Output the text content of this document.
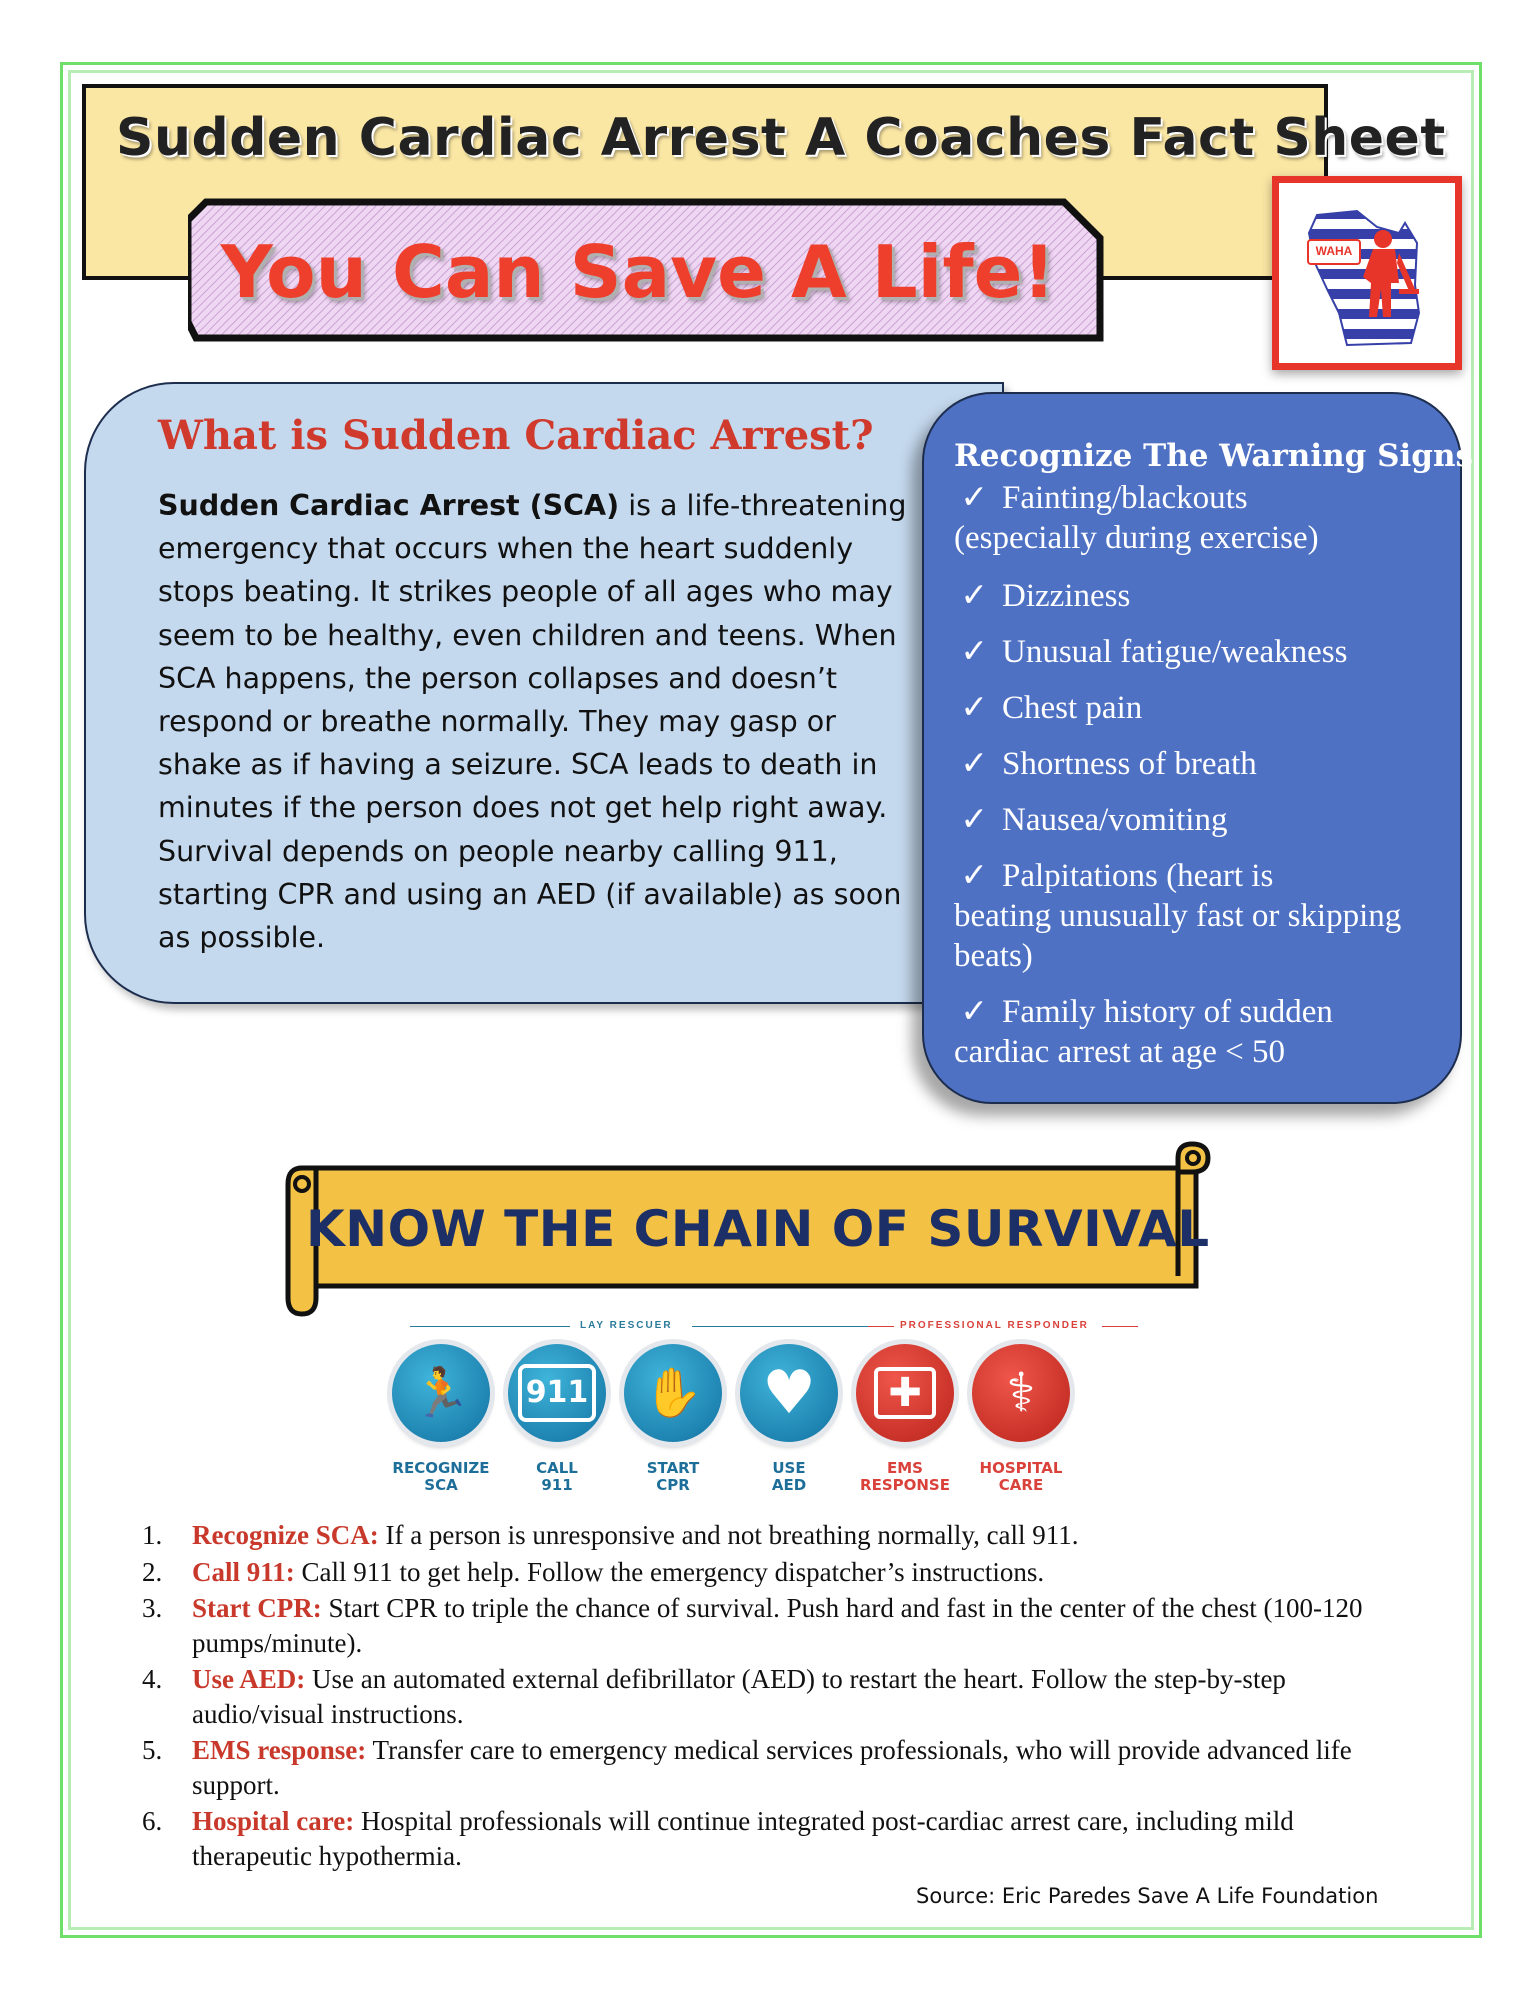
Sudden Cardiac Arrest A Coaches Fact Sheet
You Can Save A Life!	WAHA
What is Sudden Cardiac Arrest?

Sudden Cardiac Arrest (SCA) is a life-threatening emergency that occurs when the heart suddenly stops beating. It strikes people of all ages who may seem to be healthy, even children and teens. When SCA happens, the person collapses and doesn’t respond or breathe normally. They may gasp or shake as if having a seizure. SCA leads to death in minutes if the person does not get help right away. Survival depends on people nearby calling 911, starting CPR and using an AED (if available) as soon as possible.

Recognize The Warning Signs
✓ Fainting/blackouts
(especially during exercise)
✓ Dizziness
✓ Unusual fatigue/weakness
✓ Chest pain
✓ Shortness of breath
✓ Nausea/vomiting
✓ Palpitations (heart is
beating unusually fast or skipping beats)
✓ Family history of sudden
cardiac arrest at age < 50
KNOW THE CHAIN OF SURVIVAL
LAY RESCUER	PROFESSIONAL RESPONDER
🏃 911 ✋ ♥	✚ ⚕
RECOGNIZE
SCA
CALL
911
START
CPR
USE
AED
EMS
RESPONSE
HOSPITAL
CARE
1.	Recognize SCA: If a person is unresponsive and not breathing normally, call 911.
2.	Call 911: Call 911 to get help. Follow the emergency dispatcher’s instructions.
3.	Start CPR: Start CPR to triple the chance of survival. Push hard and fast in the center of the chest (100-120 pumps/minute).
4.	Use AED: Use an automated external defibrillator (AED) to restart the heart. Follow the step-by-step audio/visual instructions.
5.	EMS response: Transfer care to emergency medical services professionals, who will provide advanced life support.
6.	Hospital care: Hospital professionals will continue integrated post-cardiac arrest care, including mild therapeutic hypothermia.
Source: Eric Paredes Save A Life Foundation
